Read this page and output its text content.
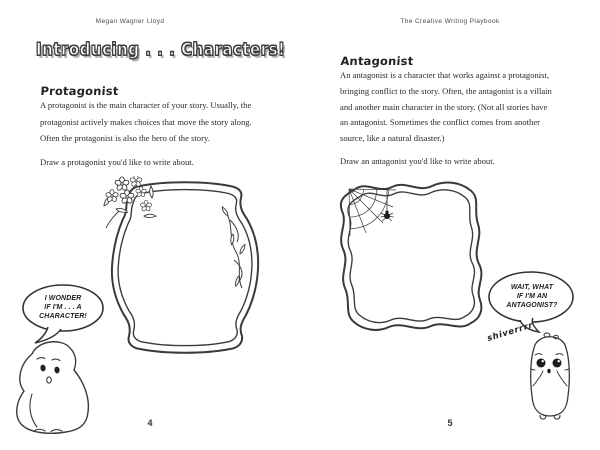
Megan Wagner Lloyd	The Creative Writing Playbook
Introducing . . . Characters!
Protagonist
A protagonist is the main character of your story. Usually, the
protagonist actively makes choices that move the story along.
Often the protagonist is also the hero of the story.
Draw a protagonist you'd like to write about.
I WONDER
IF I'M . . . A
CHARACTER!
4
Antagonist
An antagonist is a character that works against a protagonist,
bringing conflict to the story. Often, the antagonist is a villain
and another main character in the story. (Not all stories have
an antagonist. Sometimes the conflict comes from another
source, like a natural disaster.)
Draw an antagonist you'd like to write about.
WAIT, WHAT
IF I'M AN
ANTAGONIST?
shiverrrr
5
